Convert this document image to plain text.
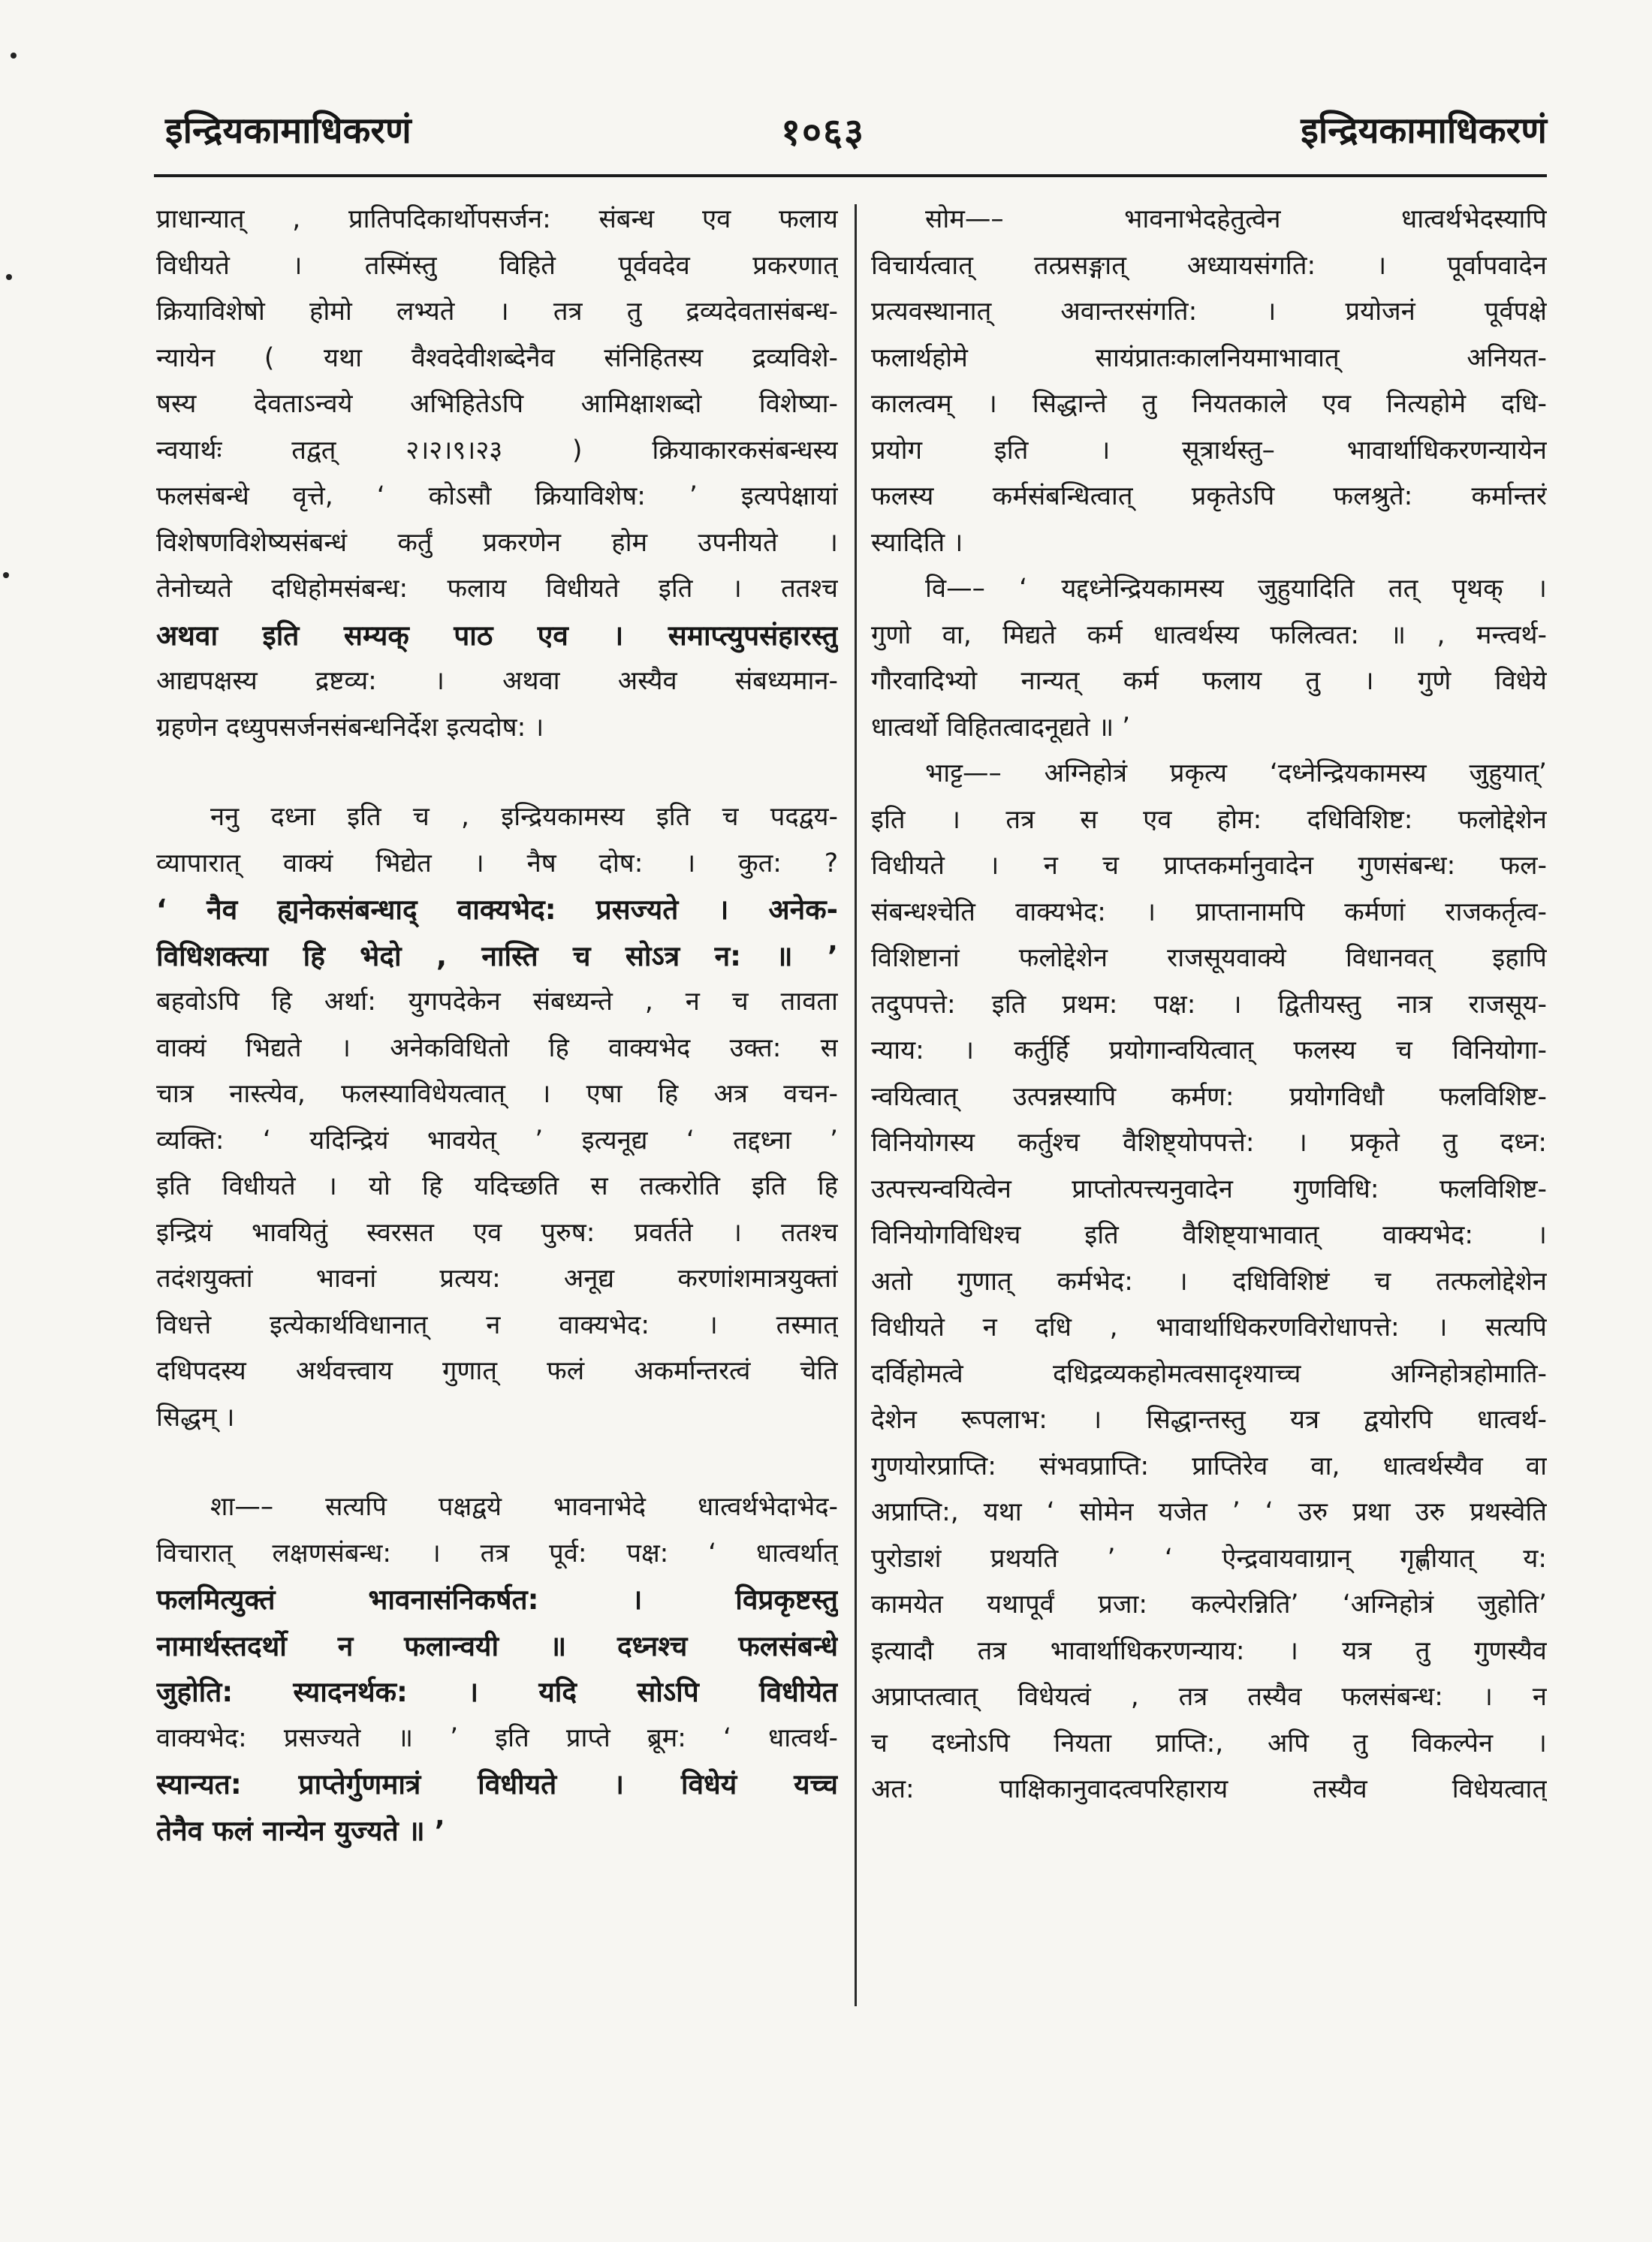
इन्द्रियकामाधिकरणं	१०६३	इन्द्रियकामाधिकरणं
प्राधान्यात् , प्रातिपदिकार्थोपसर्जन: संबन्ध एव फलाय
विधीयते । तस्मिंस्तु विहिते पूर्ववदेव प्रकरणात्
क्रियाविशेषो होमो लभ्यते । तत्र तु द्रव्यदेवतासंबन्ध-
न्यायेन ( यथा वैश्वदेवीशब्देनैव संनिहितस्य द्रव्यविशे-
षस्य देवताऽन्वये अभिहितेऽपि आमिक्षाशब्दो विशेष्या-
न्वयार्थः तद्वत् २।२।९।२३ ) क्रियाकारकसंबन्धस्य
फलसंबन्धे वृत्ते, ‘ कोऽसौ क्रियाविशेष: ’ इत्यपेक्षायां
विशेषणविशेष्यसंबन्धं कर्तुं प्रकरणेन होम उपनीयते ।
तेनोच्यते दधिहोमसंबन्ध: फलाय विधीयते इति । ततश्च
अथवा इति सम्यक् पाठ एव । समाप्त्युपसंहारस्तु
आद्यपक्षस्य द्रष्टव्य: । अथवा अस्यैव संबध्यमान-
ग्रहणेन दध्युपसर्जनसंबन्धनिर्देश इत्यदोष: ।
ननु दध्ना इति च , इन्द्रियकामस्य इति च पदद्वय-
व्यापारात् वाक्यं भिद्येत । नैष दोष: । कुत: ?
‘ नैव ह्यनेकसंबन्धाद् वाक्यभेद: प्रसज्यते । अनेक-
विधिशक्त्या हि भेदो , नास्ति च सोऽत्र न: ॥ ’
बहवोऽपि हि अर्था: युगपदेकेन संबध्यन्ते , न च तावता
वाक्यं भिद्यते । अनेकविधितो हि वाक्यभेद उक्त: स
चात्र नास्त्येव, फलस्याविधेयत्वात् । एषा हि अत्र वचन-
व्यक्ति: ‘ यदिन्द्रियं भावयेत् ’ इत्यनूद्य ‘ तद्दध्ना ’
इति विधीयते । यो हि यदिच्छति स तत्करोति इति हि
इन्द्रियं भावयितुं स्वरसत एव पुरुष: प्रवर्तते । ततश्च
तदंशयुक्तां भावनां प्रत्यय: अनूद्य करणांशमात्रयुक्तां
विधत्ते इत्येकार्थविधानात् न वाक्यभेद: । तस्मात्
दधिपदस्य अर्थवत्त्वाय गुणात् फलं अकर्मान्तरत्वं चेति
सिद्धम् ।
शा—– सत्यपि पक्षद्वये भावनाभेदे धात्वर्थभेदाभेद-
विचारात् लक्षणसंबन्ध: । तत्र पूर्व: पक्ष: ‘ धात्वर्थात्
फलमित्युक्तं भावनासंनिकर्षत: । विप्रकृष्टस्तु
नामार्थस्तदर्थो न फलान्वयी ॥ दध्नश्च फलसंबन्धे
जुहोति: स्यादनर्थक: । यदि सोऽपि विधीयेत
वाक्यभेद: प्रसज्यते ॥ ’ इति प्राप्ते ब्रूम: ‘ धात्वर्थ-
स्यान्यत: प्राप्तेर्गुणमात्रं विधीयते । विधेयं यच्च
तेनैव फलं नान्येन युज्यते ॥ ’
सोम—– भावनाभेदहेतुत्वेन धात्वर्थभेदस्यापि
विचार्यत्वात् तत्प्रसङ्गात् अध्यायसंगति: । पूर्वापवादेन
प्रत्यवस्थानात् अवान्तरसंगति: । प्रयोजनं पूर्वपक्षे
फलार्थहोमे सायंप्रातःकालनियमाभावात् अनियत-
कालत्वम् । सिद्धान्ते तु नियतकाले एव नित्यहोमे दधि-
प्रयोग इति । सूत्रार्थस्तु– भावार्थाधिकरणन्यायेन
फलस्य कर्मसंबन्धित्वात् प्रकृतेऽपि फलश्रुते: कर्मान्तरं
स्यादिति ।
वि—– ‘ यद्दध्नेन्द्रियकामस्य जुहुयादिति तत् पृथक् ।
गुणो वा, मिद्यते कर्म धात्वर्थस्य फलित्वत: ॥ , मन्त्वर्थ-
गौरवादिभ्यो नान्यत् कर्म फलाय तु । गुणे विधेये
धात्वर्थो विहितत्वादनूद्यते ॥ ’
भाट्ट—– अग्निहोत्रं प्रकृत्य ‘दध्नेन्द्रियकामस्य जुहुयात्’
इति । तत्र स एव होम: दधिविशिष्ट: फलोद्देशेन
विधीयते । न च प्राप्तकर्मानुवादेन गुणसंबन्ध: फल-
संबन्धश्चेति वाक्यभेद: । प्राप्तानामपि कर्मणां राजकर्तृत्व-
विशिष्टानां फलोद्देशेन राजसूयवाक्ये विधानवत् इहापि
तदुपपत्ते: इति प्रथम: पक्ष: । द्वितीयस्तु नात्र राजसूय-
न्याय: । कर्तुर्हि प्रयोगान्वयित्वात् फलस्य च विनियोगा-
न्वयित्वात् उत्पन्नस्यापि कर्मण: प्रयोगविधौ फलविशिष्ट-
विनियोगस्य कर्तुश्च वैशिष्ट्योपपत्ते: । प्रकृते तु दध्न:
उत्पत्त्यन्वयित्वेन प्राप्तोत्पत्त्यनुवादेन गुणविधि: फलविशिष्ट-
विनियोगविधिश्च इति वैशिष्ट्याभावात् वाक्यभेद: ।
अतो गुणात् कर्मभेद: । दधिविशिष्टं च तत्फलोद्देशेन
विधीयते न दधि , भावार्थाधिकरणविरोधापत्ते: । सत्यपि
दर्विहोमत्वे दधिद्रव्यकहोमत्वसादृश्याच्च अग्निहोत्रहोमाति-
देशेन रूपलाभ: । सिद्धान्तस्तु यत्र द्वयोरपि धात्वर्थ-
गुणयोरप्राप्ति: संभवप्राप्ति: प्राप्तिरेव वा, धात्वर्थस्यैव वा
अप्राप्ति:, यथा ‘ सोमेन यजेत ’ ‘ उरु प्रथा उरु प्रथस्वेति
पुरोडाशं प्रथयति ’ ‘ ऐन्द्रवायवाग्रान् गृह्णीयात् य:
कामयेत यथापूर्वं प्रजा: कल्पेरन्निति’ ‘अग्निहोत्रं जुहोति’
इत्यादौ तत्र भावार्थाधिकरणन्याय: । यत्र तु गुणस्यैव
अप्राप्तत्वात् विधेयत्वं , तत्र तस्यैव फलसंबन्ध: । न
च दध्नोऽपि नियता प्राप्ति:, अपि तु विकल्पेन ।
अत: पाक्षिकानुवादत्वपरिहाराय तस्यैव विधेयत्वात्
